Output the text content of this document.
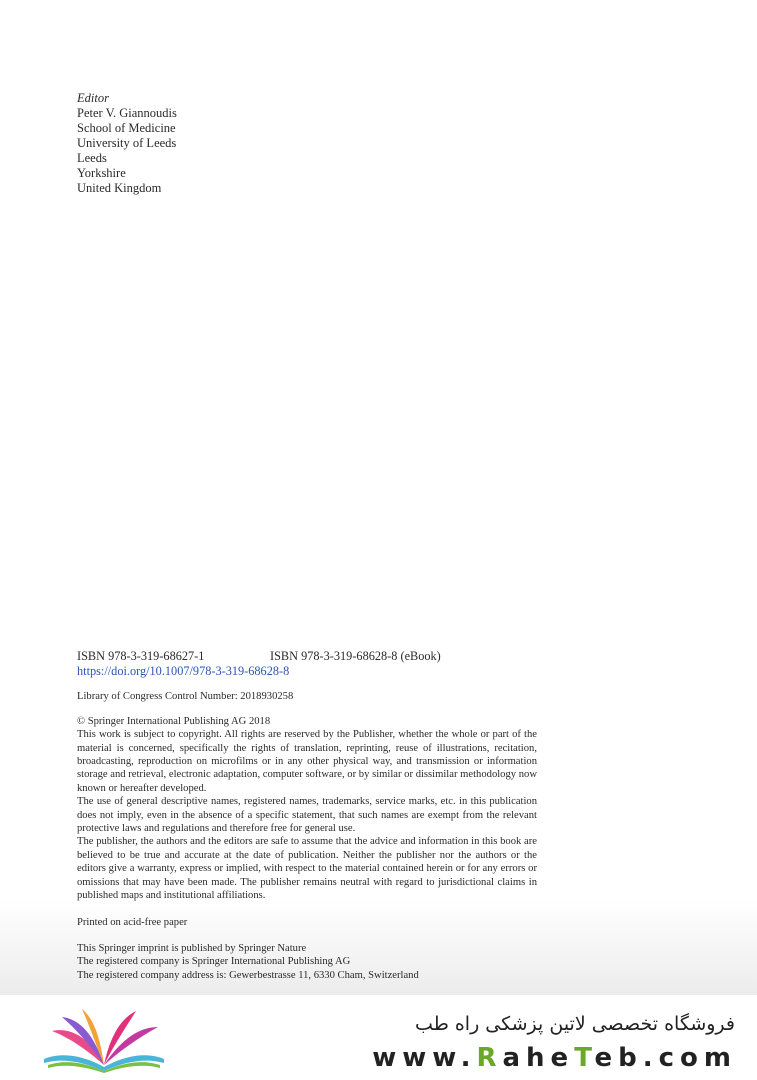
Editor
Peter V. Giannoudis
School of Medicine
University of Leeds
Leeds
Yorkshire
United Kingdom

ISBN 978-3-319-68627-1	ISBN 978-3-319-68628-8 (eBook)

https://doi.org/10.1007/978-3-319-68628-8

Library of Congress Control Number: 2018930258

© Springer International Publishing AG 2018

This work is subject to copyright. All rights are reserved by the Publisher, whether the whole or part of the material is concerned, specifically the rights of translation, reprinting, reuse of illustrations, recitation, broadcasting, reproduction on microfilms or in any other physical way, and transmission or information storage and retrieval, electronic adaptation, computer software, or by similar or dissimilar methodology now known or hereafter developed.

The use of general descriptive names, registered names, trademarks, service marks, etc. in this publication does not imply, even in the absence of a specific statement, that such names are exempt from the relevant protective laws and regulations and therefore free for general use.

The publisher, the authors and the editors are safe to assume that the advice and information in this book are believed to be true and accurate at the date of publication. Neither the publisher nor the authors or the editors give a warranty, express or implied, with respect to the material contained herein or for any errors or omissions that may have been made. The publisher remains neutral with regard to jurisdictional claims in published maps and institutional affiliations.

Printed on acid-free paper

This Springer imprint is published by Springer Nature
The registered company is Springer International Publishing AG
The registered company address is: Gewerbestrasse 11, 6330 Cham, Switzerland
فروشگاه تخصصی لاتین پزشکی راه طب
www.RaheTeb.com
